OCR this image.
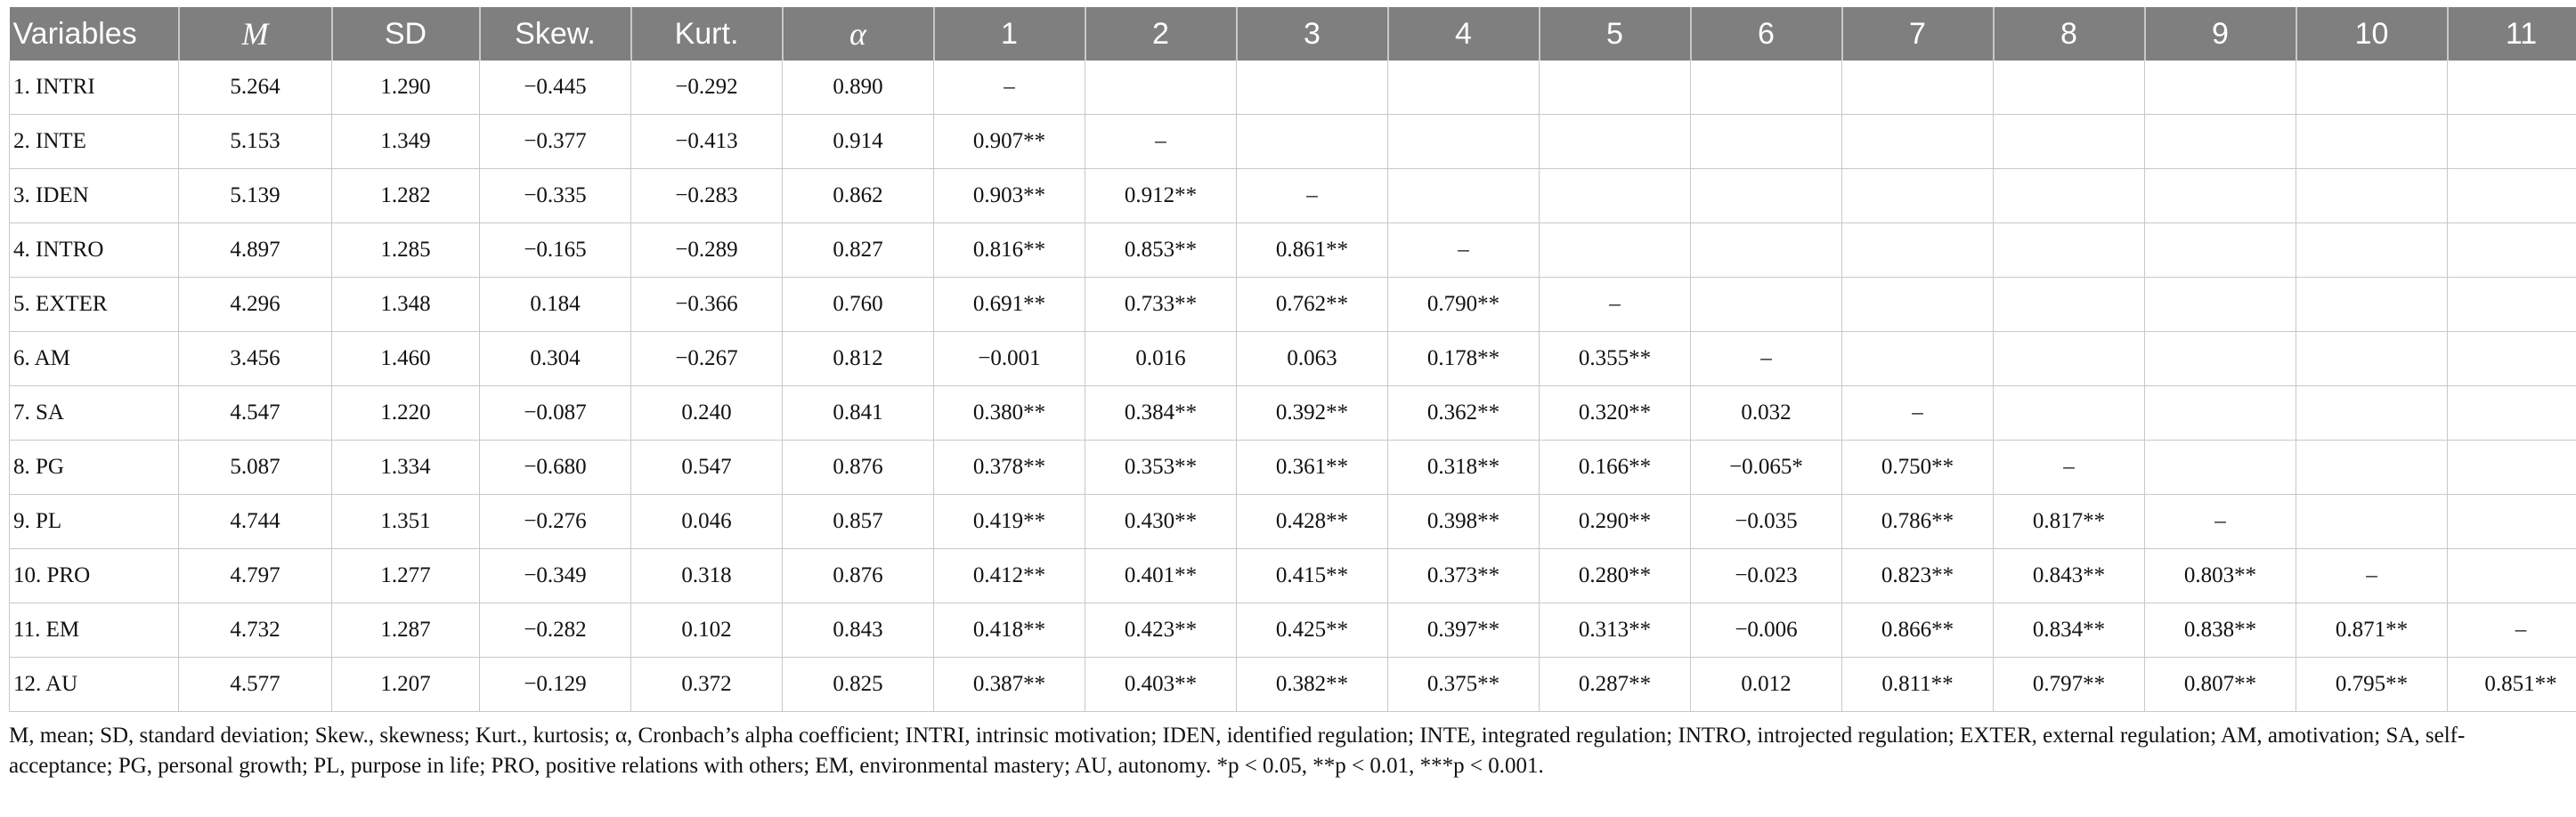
Variables	M	SD	Skew.	Kurt.	α	1	2	3	4	5	6	7	8	9	10	11
1. INTRI	5.264	1.290	−0.445	−0.292	0.890	–										
2. INTE	5.153	1.349	−0.377	−0.413	0.914	0.907**	–									
3. IDEN	5.139	1.282	−0.335	−0.283	0.862	0.903**	0.912**	–								
4. INTRO	4.897	1.285	−0.165	−0.289	0.827	0.816**	0.853**	0.861**	–							
5. EXTER	4.296	1.348	0.184	−0.366	0.760	0.691**	0.733**	0.762**	0.790**	–						
6. AM	3.456	1.460	0.304	−0.267	0.812	−0.001	0.016	0.063	0.178**	0.355**	–					
7. SA	4.547	1.220	−0.087	0.240	0.841	0.380**	0.384**	0.392**	0.362**	0.320**	0.032	–				
8. PG	5.087	1.334	−0.680	0.547	0.876	0.378**	0.353**	0.361**	0.318**	0.166**	−0.065*	0.750**	–			
9. PL	4.744	1.351	−0.276	0.046	0.857	0.419**	0.430**	0.428**	0.398**	0.290**	−0.035	0.786**	0.817**	–		
10. PRO	4.797	1.277	−0.349	0.318	0.876	0.412**	0.401**	0.415**	0.373**	0.280**	−0.023	0.823**	0.843**	0.803**	–	
11. EM	4.732	1.287	−0.282	0.102	0.843	0.418**	0.423**	0.425**	0.397**	0.313**	−0.006	0.866**	0.834**	0.838**	0.871**	–
12. AU	4.577	1.207	−0.129	0.372	0.825	0.387**	0.403**	0.382**	0.375**	0.287**	0.012	0.811**	0.797**	0.807**	0.795**	0.851**
M, mean; SD, standard deviation; Skew., skewness; Kurt., kurtosis; α, Cronbach’s alpha coefficient; INTRI, intrinsic motivation; IDEN, identified regulation; INTE, integrated regulation; INTRO, introjected regulation; EXTER, external regulation; AM, amotivation; SA, self-acceptance; PG, personal growth; PL, purpose in life; PRO, positive relations with others; EM, environmental mastery; AU, autonomy. *p < 0.05, **p < 0.01, ***p < 0.001.
